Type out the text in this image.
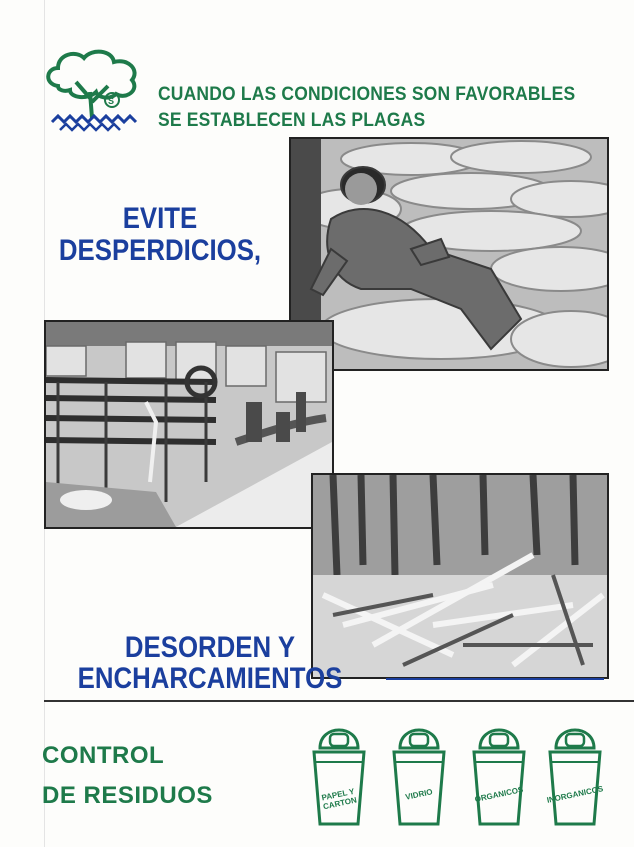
S CUANDO LAS CONDICIONES SON FAVORABLES
SE ESTABLECEN LAS PLAGAS
EVITE
DESPERDICIOS,
DESORDEN Y
ENCHARCAMIENTOS
CONTROL
DE RESIDUOS	PAPEL Y CARTON
VIDRIO	ORGANICOS	INORGANICOS
